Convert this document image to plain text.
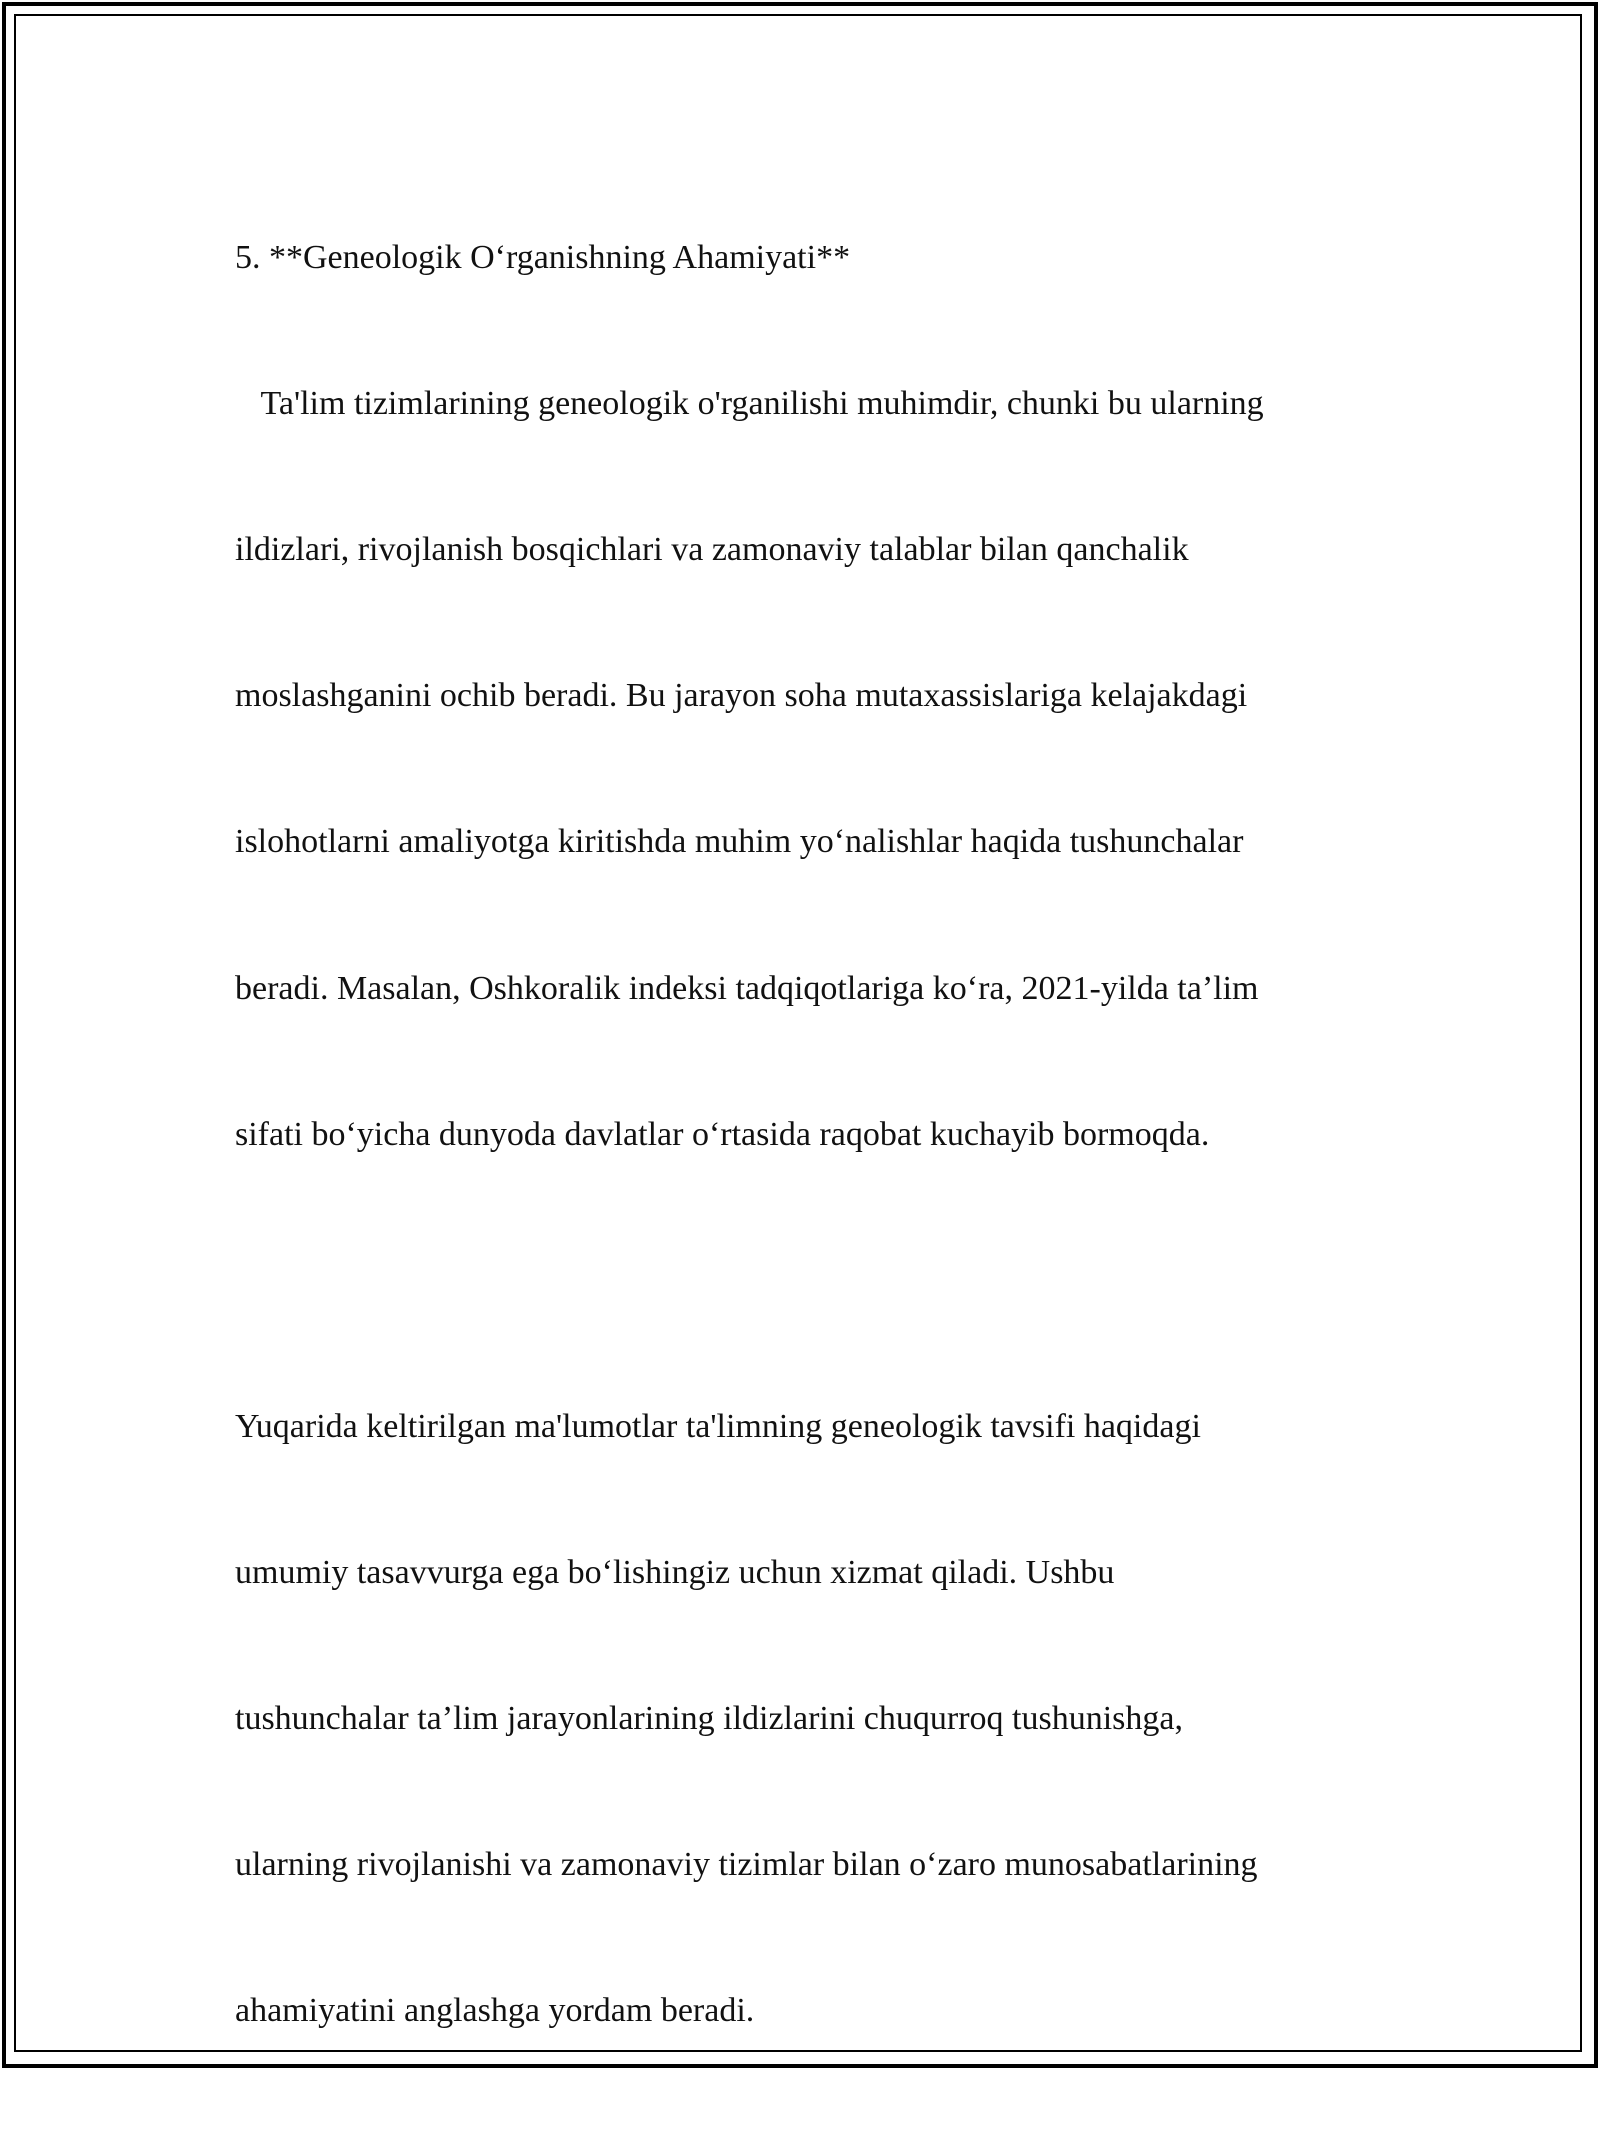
5. **Geneologik O‘rganishning Ahamiyati**

Ta'lim tizimlarining geneologik o'rganilishi muhimdir, chunki bu ularning

ildizlari, rivojlanish bosqichlari va zamonaviy talablar bilan qanchalik

moslashganini ochib beradi. Bu jarayon soha mutaxassislariga kelajakdagi

islohotlarni amaliyotga kiritishda muhim yo‘nalishlar haqida tushunchalar

beradi. Masalan, Oshkoralik indeksi tadqiqotlariga ko‘ra, 2021-yilda ta’lim

sifati bo‘yicha dunyoda davlatlar o‘rtasida raqobat kuchayib bormoqda.

Yuqarida keltirilgan ma'lumotlar ta'limning geneologik tavsifi haqidagi

umumiy tasavvurga ega bo‘lishingiz uchun xizmat qiladi. Ushbu

tushunchalar ta’lim jarayonlarining ildizlarini chuqurroq tushunishga,

ularning rivojlanishi va zamonaviy tizimlar bilan o‘zaro munosabatlarining

ahamiyatini anglashga yordam beradi.
